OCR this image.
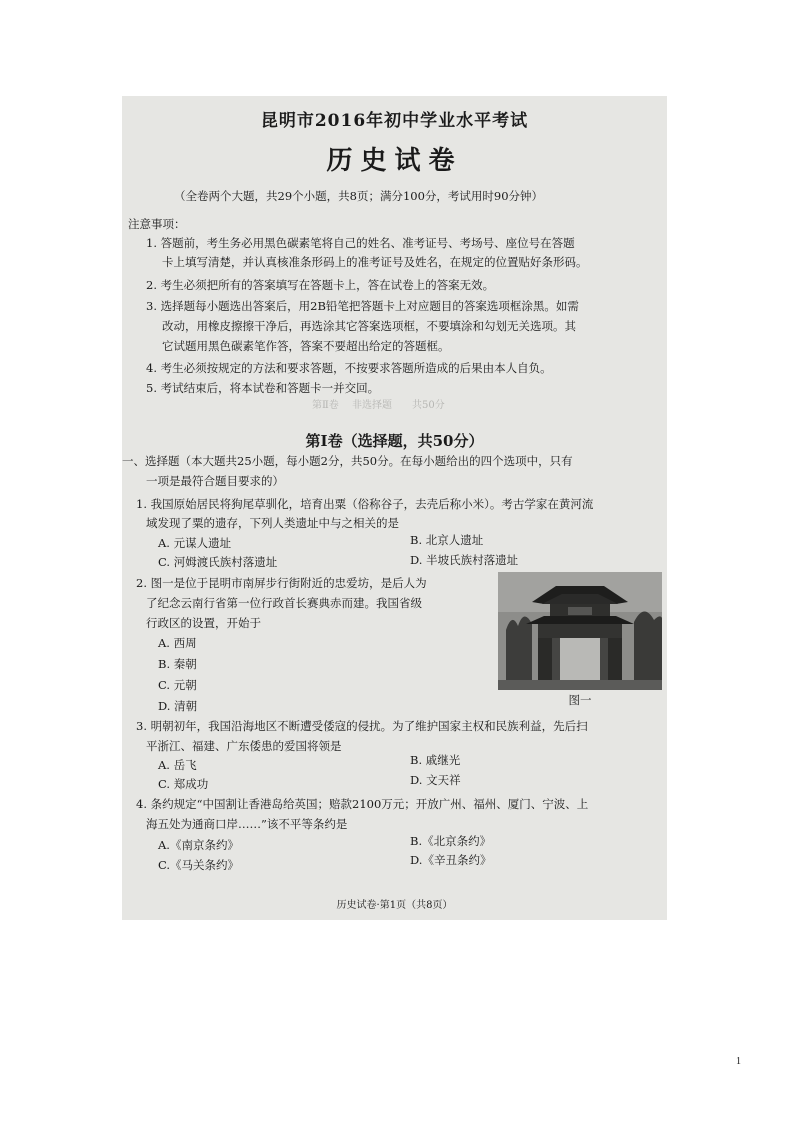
第Ⅱ卷 非选择题 共50分
昆明市2016年初中学业水平考试
历史试卷
（全卷两个大题，共29个小题，共8页；满分100分，考试用时90分钟）
注意事项：
1. 答题前，考生务必用黑色碳素笔将自己的姓名、准考证号、考场号、座位号在答题
卡上填写清楚，并认真核准条形码上的准考证号及姓名，在规定的位置贴好条形码。
2. 考生必须把所有的答案填写在答题卡上，答在试卷上的答案无效。
3. 选择题每小题选出答案后，用2B铅笔把答题卡上对应题目的答案选项框涂黑。如需
改动，用橡皮擦擦干净后，再选涂其它答案选项框，不要填涂和勾划无关选项。其
它试题用黑色碳素笔作答，答案不要超出给定的答题框。
4. 考生必须按规定的方法和要求答题，不按要求答题所造成的后果由本人自负。
5. 考试结束后，将本试卷和答题卡一并交回。
第Ⅰ卷（选择题，共50分）
一、选择题（本大题共25小题，每小题2分，共50分。在每小题给出的四个选项中，只有
一项是最符合题目要求的）
1. 我国原始居民将狗尾草驯化，培育出粟（俗称谷子，去壳后称小米）。考古学家在黄河流
域发现了粟的遗存，下列人类遗址中与之相关的是
A. 元谋人遗址	B. 北京人遗址
C. 河姆渡氏族村落遗址	D. 半坡氏族村落遗址
2. 图一是位于昆明市南屏步行街附近的忠爱坊，是后人为
了纪念云南行省第一位行政首长赛典赤而建。我国省级
行政区的设置，开始于
A. 西周
B. 秦朝
C. 元朝
D. 清朝	图一
3. 明朝初年，我国沿海地区不断遭受倭寇的侵扰。为了维护国家主权和民族利益，先后扫
平浙江、福建、广东倭患的爱国将领是
A. 岳飞	B. 戚继光
C. 郑成功	D. 文天祥
4. 条约规定“中国割让香港岛给英国；赔款2100万元；开放广州、福州、厦门、宁波、上
海五处为通商口岸……”该不平等条约是
A.《南京条约》	B.《北京条约》
C.《马关条约》	D.《辛丑条约》
历史试卷·第1页（共8页）
1
